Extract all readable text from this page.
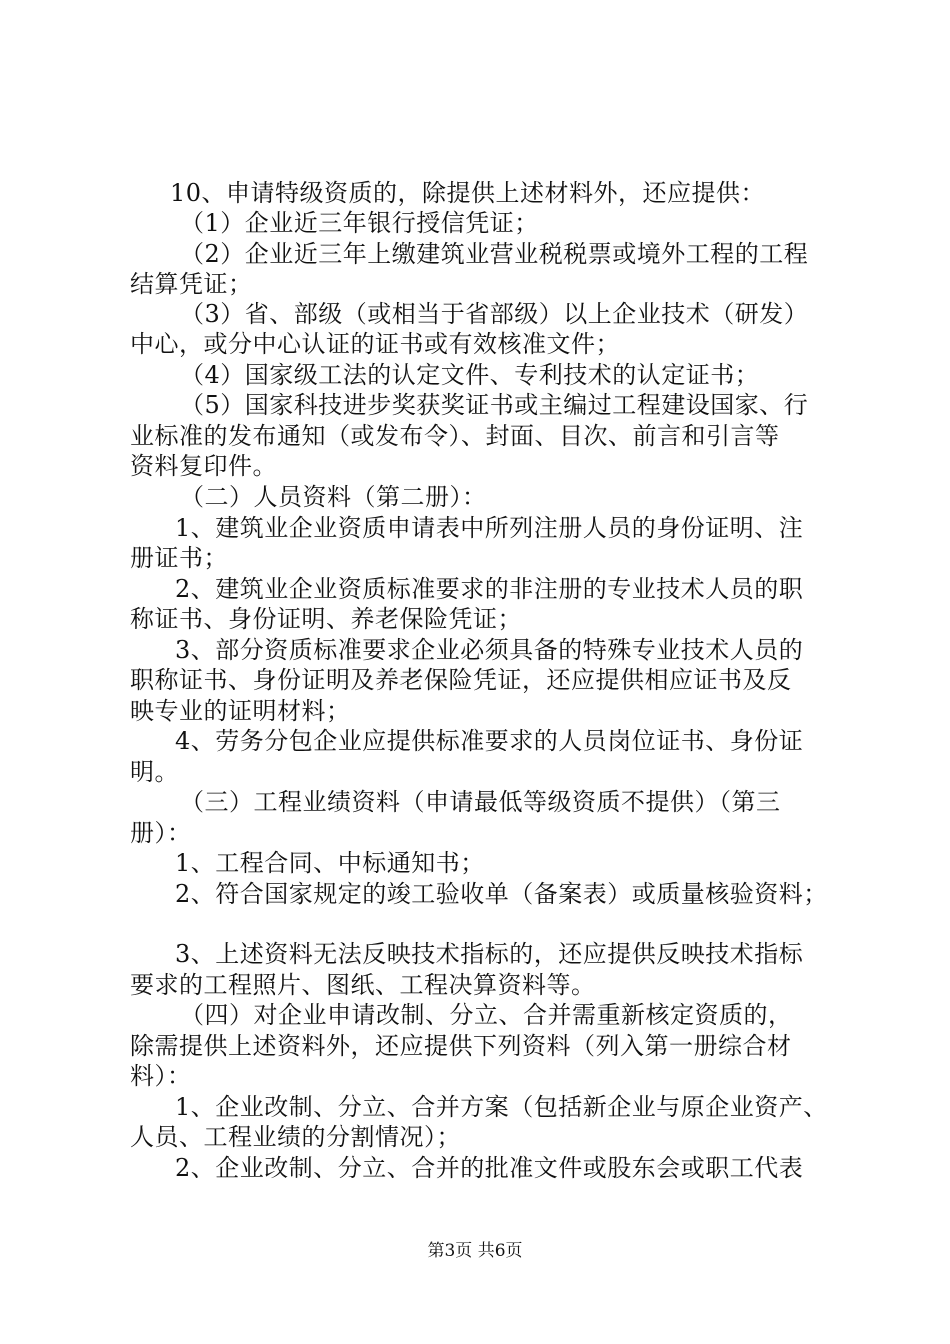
10、申请特级资质的，除提供上述材料外，还应提供：
（1）企业近三年银行授信凭证；
（2）企业近三年上缴建筑业营业税税票或境外工程的工程
结算凭证；
（3）省、部级（或相当于省部级）以上企业技术（研发）
中心，或分中心认证的证书或有效核准文件；
（4）国家级工法的认定文件、专利技术的认定证书；
（5）国家科技进步奖获奖证书或主编过工程建设国家、行
业标准的发布通知（或发布令）、封面、目次、前言和引言等
资料复印件。
（二）人员资料（第二册）：
1、建筑业企业资质申请表中所列注册人员的身份证明、注
册证书；
2、建筑业企业资质标准要求的非注册的专业技术人员的职
称证书、身份证明、养老保险凭证；
3、部分资质标准要求企业必须具备的特殊专业技术人员的
职称证书、身份证明及养老保险凭证，还应提供相应证书及反
映专业的证明材料；
4、劳务分包企业应提供标准要求的人员岗位证书、身份证
明。
（三）工程业绩资料（申请最低等级资质不提供）（第三
册）：
1、工程合同、中标通知书；
2、符合国家规定的竣工验收单（备案表）或质量核验资料；
3、上述资料无法反映技术指标的，还应提供反映技术指标
要求的工程照片、图纸、工程决算资料等。
（四）对企业申请改制、分立、合并需重新核定资质的，
除需提供上述资料外，还应提供下列资料（列入第一册综合材
料）：
1、企业改制、分立、合并方案（包括新企业与原企业资产、
人员、工程业绩的分割情况）；
2、企业改制、分立、合并的批准文件或股东会或职工代表
第3页 共6页
